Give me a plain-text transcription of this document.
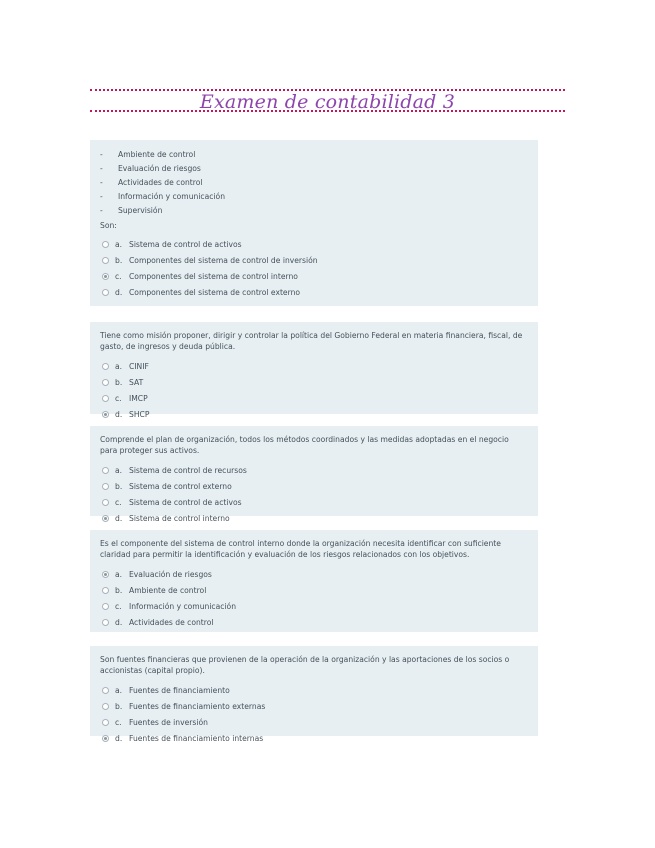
Examen de contabilidad 3
- Ambiente de control
- Evaluación de riesgos
- Actividades de control
- Información y comunicación
- Supervisión
Son:
a. Sistema de control de activos
b. Componentes del sistema de control de inversión
c. Componentes del sistema de control interno
d. Componentes del sistema de control externo
Tiene como misión proponer, dirigir y controlar la política del Gobierno Federal en materia financiera, fiscal, de gasto, de ingresos y deuda pública.
a. CINIF
b. SAT
c. IMCP
d. SHCP
Comprende el plan de organización, todos los métodos coordinados y las medidas adoptadas en el negocio para proteger sus activos.
a. Sistema de control de recursos
b. Sistema de control externo
c. Sistema de control de activos
d. Sistema de control interno
Es el componente del sistema de control interno donde la organización necesita identificar con suficiente claridad para permitir la identificación y evaluación de los riesgos relacionados con los objetivos.
a. Evaluación de riesgos
b. Ambiente de control
c. Información y comunicación
d. Actividades de control
Son fuentes financieras que provienen de la operación de la organización y las aportaciones de los socios o accionistas (capital propio).
a. Fuentes de financiamiento
b. Fuentes de financiamiento externas
c. Fuentes de inversión
d. Fuentes de financiamiento internas
